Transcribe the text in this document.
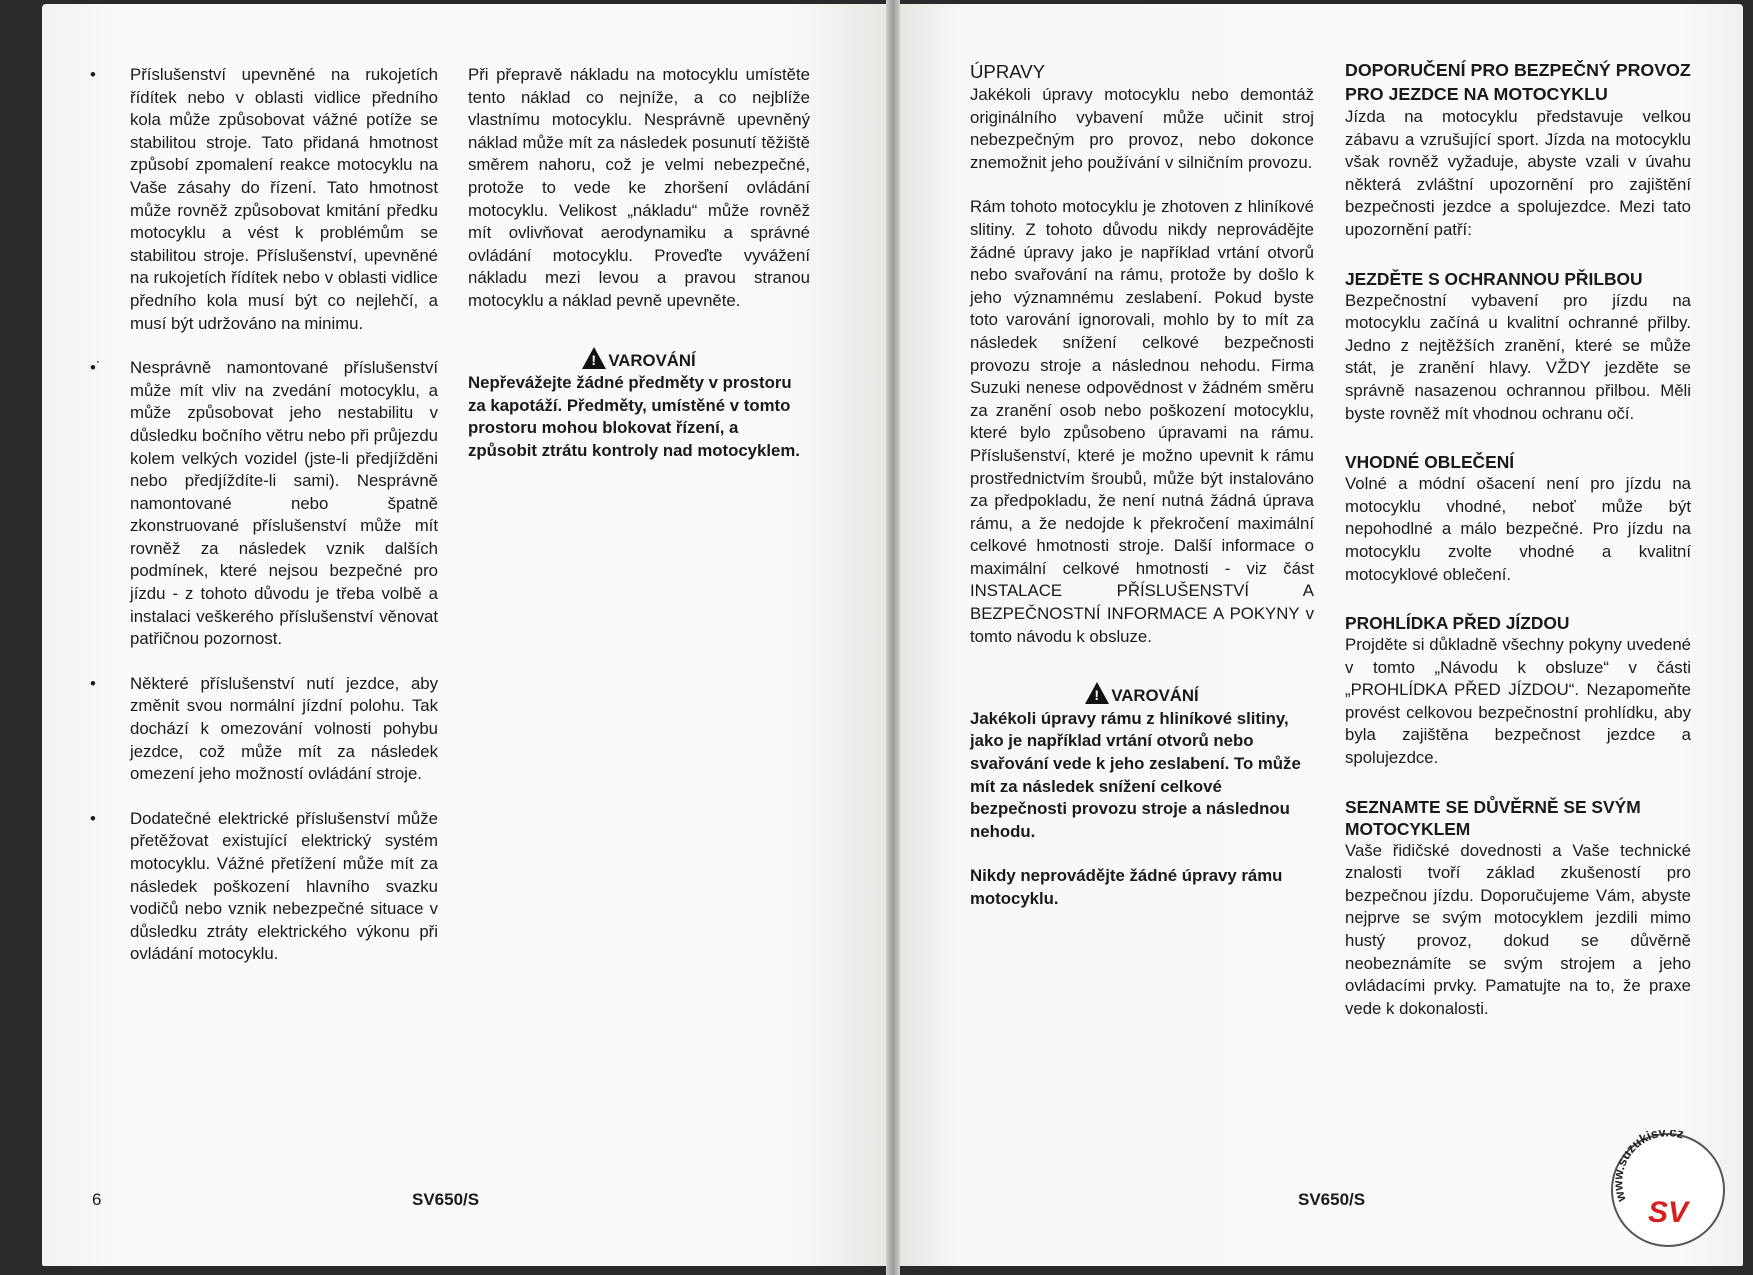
• Příslušenství upevněné na rukojetích řídítek nebo v oblasti vidlice předního kola může způsobovat vážné potíže se stabilitou stroje. Tato přidaná hmotnost způsobí zpomalení reakce motocyklu na Vaše zásahy do řízení. Tato hmotnost může rovněž způsobovat kmitání předku motocyklu a vést k problémům se stabilitou stroje. Příslušenství, upevněné na rukojetích řídítek nebo v oblasti vidlice předního kola musí být co nejlehčí, a musí být udržováno na minimu.

•˙ Nesprávně namontované příslušenství může mít vliv na zvedání motocyklu, a může způsobovat jeho nestabilitu v důsledku bočního větru nebo při průjezdu kolem velkých vozidel (jste-li předjížděni nebo předjíždíte-li sami). Nesprávně namontované nebo špatně zkonstruované příslušenství může mít rovněž za následek vznik dalších podmínek, které nejsou bezpečné pro jízdu - z tohoto důvodu je třeba volbě a instalaci veškerého příslušenství věnovat patřičnou pozornost.

• Některé příslušenství nutí jezdce, aby změnit svou normální jízdní polohu. Tak dochází k omezování volnosti pohybu jezdce, což může mít za následek omezení jeho možností ovládání stroje.

• Dodatečné elektrické příslušenství může přetěžovat existující elektrický systém motocyklu. Vážné přetížení může mít za následek poškození hlavního svazku vodičů nebo vznik nebezpečné situace v důsledku ztráty elektrického výkonu při ovládání motocyklu.

Při přepravě nákladu na motocyklu umístěte tento náklad co nejníže, a co nejblíže vlastnímu motocyklu. Nesprávně upevněný náklad může mít za následek posunutí těžiště směrem nahoru, což je velmi nebezpečné, protože to vede ke zhoršení ovládání motocyklu. Velikost „nákladu“ může rovněž mít ovlivňovat aerodynamiku a správné ovládání motocyklu. Proveďte vyvážení nákladu mezi levou a pravou stranou motocyklu a náklad pevně upevněte.

!VAROVÁNÍ

Nepřevážejte žádné předměty v prostoru za kapotáží. Předměty, umístěné v tomto prostoru mohou blokovat řízení, a způsobit ztrátu kontroly nad motocyklem.

ÚPRAVY

Jakékoli úpravy motocyklu nebo demontáž originálního vybavení může učinit stroj nebezpečným pro provoz, nebo dokonce znemožnit jeho používání v silničním provozu.

Rám tohoto motocyklu je zhotoven z hliníkové slitiny. Z tohoto důvodu nikdy neprovádějte žádné úpravy jako je například vrtání otvorů nebo svařování na rámu, protože by došlo k jeho významnému zeslabení. Pokud byste toto varování ignorovali, mohlo by to mít za následek snížení celkové bezpečnosti provozu stroje a následnou nehodu. Firma Suzuki nenese odpovědnost v žádném směru za zranění osob nebo poškození motocyklu, které bylo způsobeno úpravami na rámu. Příslušenství, které je možno upevnit k rámu prostřednictvím šroubů, může být instalováno za předpokladu, že není nutná žádná úprava rámu, a že nedojde k překročení maximální celkové hmotnosti stroje. Další informace o maximální celkové hmotnosti - viz část INSTALACE PŘÍSLUŠENSTVÍ A BEZPEČNOSTNÍ INFORMACE A POKYNY v tomto návodu k obsluze.

!VAROVÁNÍ

Jakékoli úpravy rámu z hliníkové slitiny, jako je například vrtání otvorů nebo svařování vede k jeho zeslabení. To může mít za následek snížení celkové bezpečnosti provozu stroje a následnou nehodu.

Nikdy neprovádějte žádné úpravy rámu motocyklu.

DOPORUČENÍ PRO BEZPEČNÝ PROVOZ PRO JEZDCE NA MOTOCYKLU

Jízda na motocyklu představuje velkou zábavu a vzrušující sport. Jízda na motocyklu však rovněž vyžaduje, abyste vzali v úvahu některá zvláštní upozornění pro zajištění bezpečnosti jezdce a spolujezdce. Mezi tato upozornění patří:

JEZDĚTE S OCHRANNOU PŘILBOU

Bezpečnostní vybavení pro jízdu na motocyklu začíná u kvalitní ochranné přilby. Jedno z nejtěžších zranění, které se může stát, je zranění hlavy. VŽDY jezděte se správně nasazenou ochrannou přilbou. Měli byste rovněž mít vhodnou ochranu očí.

VHODNÉ OBLEČENÍ

Volné a módní ošacení není pro jízdu na motocyklu vhodné, neboť může být nepohodlné a málo bezpečné. Pro jízdu na motocyklu zvolte vhodné a kvalitní motocyklové oblečení.

PROHLÍDKA PŘED JÍZDOU

Projděte si důkladně všechny pokyny uvedené v tomto „Návodu k obsluze“ v části „PROHLÍDKA PŘED JÍZDOU“. Nezapomeňte provést celkovou bezpečnostní prohlídku, aby byla zajištěna bezpečnost jezdce a spolujezdce.

SEZNAMTE SE DŮVĚRNĚ SE SVÝM MOTOCYKLEM

Vaše řidičské dovednosti a Vaše technické znalosti tvoří základ zkušeností pro bezpečnou jízdu. Doporučujeme Vám, abyste nejprve se svým motocyklem jezdili mimo hustý provoz, dokud se důvěrně neobeznámíte se svým strojem a jeho ovládacími prvky. Pamatujte na to, že praxe vede k dokonalosti.

6	SV650/S	SV650/S	www.suzukisv.cz
SV
